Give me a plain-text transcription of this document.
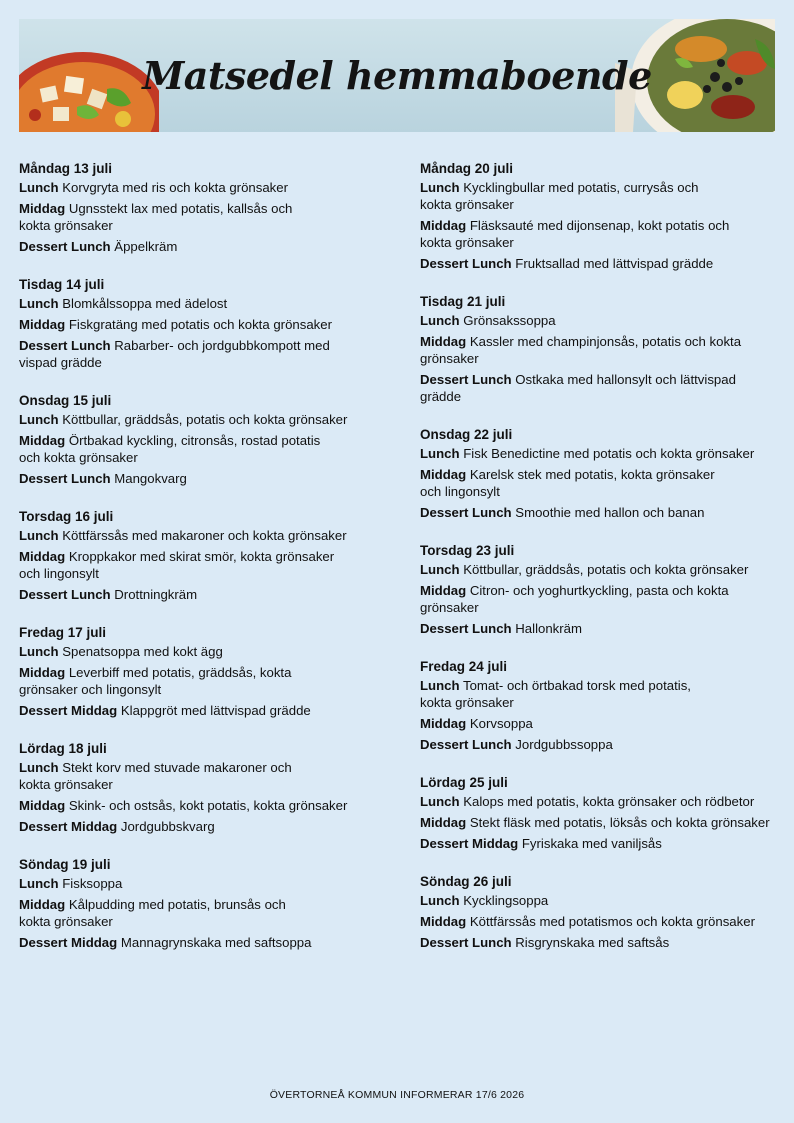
Matsedel hemmaboende
Måndag 13 juli
Lunch Korvgryta med ris och kokta grönsaker
Middag Ugnsstekt lax med potatis, kallsås och
kokta grönsaker
Dessert Lunch Äppelkräm
Tisdag 14 juli
Lunch Blomkålssoppa med ädelost
Middag Fiskgratäng med potatis och kokta grönsaker
Dessert Lunch Rabarber- och jordgubbkompott med
vispad grädde
Onsdag 15 juli
Lunch Köttbullar, gräddsås, potatis och kokta grönsaker
Middag Örtbakad kyckling, citronsås, rostad potatis
och kokta grönsaker
Dessert Lunch Mangokvarg
Torsdag 16 juli
Lunch Köttfärssås med makaroner och kokta grönsaker
Middag Kroppkakor med skirat smör, kokta grönsaker
och lingonsylt
Dessert Lunch Drottningkräm
Fredag 17 juli
Lunch Spenatsoppa med kokt ägg
Middag Leverbiff med potatis, gräddsås, kokta
grönsaker och lingonsylt
Dessert Middag Klappgröt med lättvispad grädde
Lördag 18 juli
Lunch Stekt korv med stuvade makaroner och
kokta grönsaker
Middag Skink- och ostsås, kokt potatis, kokta grönsaker
Dessert Middag Jordgubbskvarg
Söndag 19 juli
Lunch Fisksoppa
Middag Kålpudding med potatis, brunsås och
kokta grönsaker
Dessert Middag Mannagrynskaka med saftsoppa
Måndag 20 juli
Lunch Kycklingbullar med potatis, currysås och
kokta grönsaker
Middag Fläsksauté med dijonsenap, kokt potatis och
kokta grönsaker
Dessert Lunch Fruktsallad med lättvispad grädde
Tisdag 21 juli
Lunch Grönsakssoppa
Middag Kassler med champinjonsås, potatis och kokta
grönsaker
Dessert Lunch Ostkaka med hallonsylt och lättvispad
grädde
Onsdag 22 juli
Lunch Fisk Benedictine med potatis och kokta grönsaker
Middag Karelsk stek med potatis, kokta grönsaker
och lingonsylt
Dessert Lunch Smoothie med hallon och banan
Torsdag 23 juli
Lunch Köttbullar, gräddsås, potatis och kokta grönsaker
Middag Citron- och yoghurtkyckling, pasta och kokta
grönsaker
Dessert Lunch Hallonkräm
Fredag 24 juli
Lunch Tomat- och örtbakad torsk med potatis,
kokta grönsaker
Middag Korvsoppa
Dessert Lunch Jordgubbssoppa
Lördag 25 juli
Lunch Kalops med potatis, kokta grönsaker och rödbetor
Middag Stekt fläsk med potatis, löksås och kokta grönsaker
Dessert Middag Fyriskaka med vaniljsås
Söndag 26 juli
Lunch Kycklingsoppa
Middag Köttfärssås med potatismos och kokta grönsaker
Dessert Lunch Risgrynskaka med saftsås
ÖVERTORNEÅ KOMMUN INFORMERAR 17/6 2026
